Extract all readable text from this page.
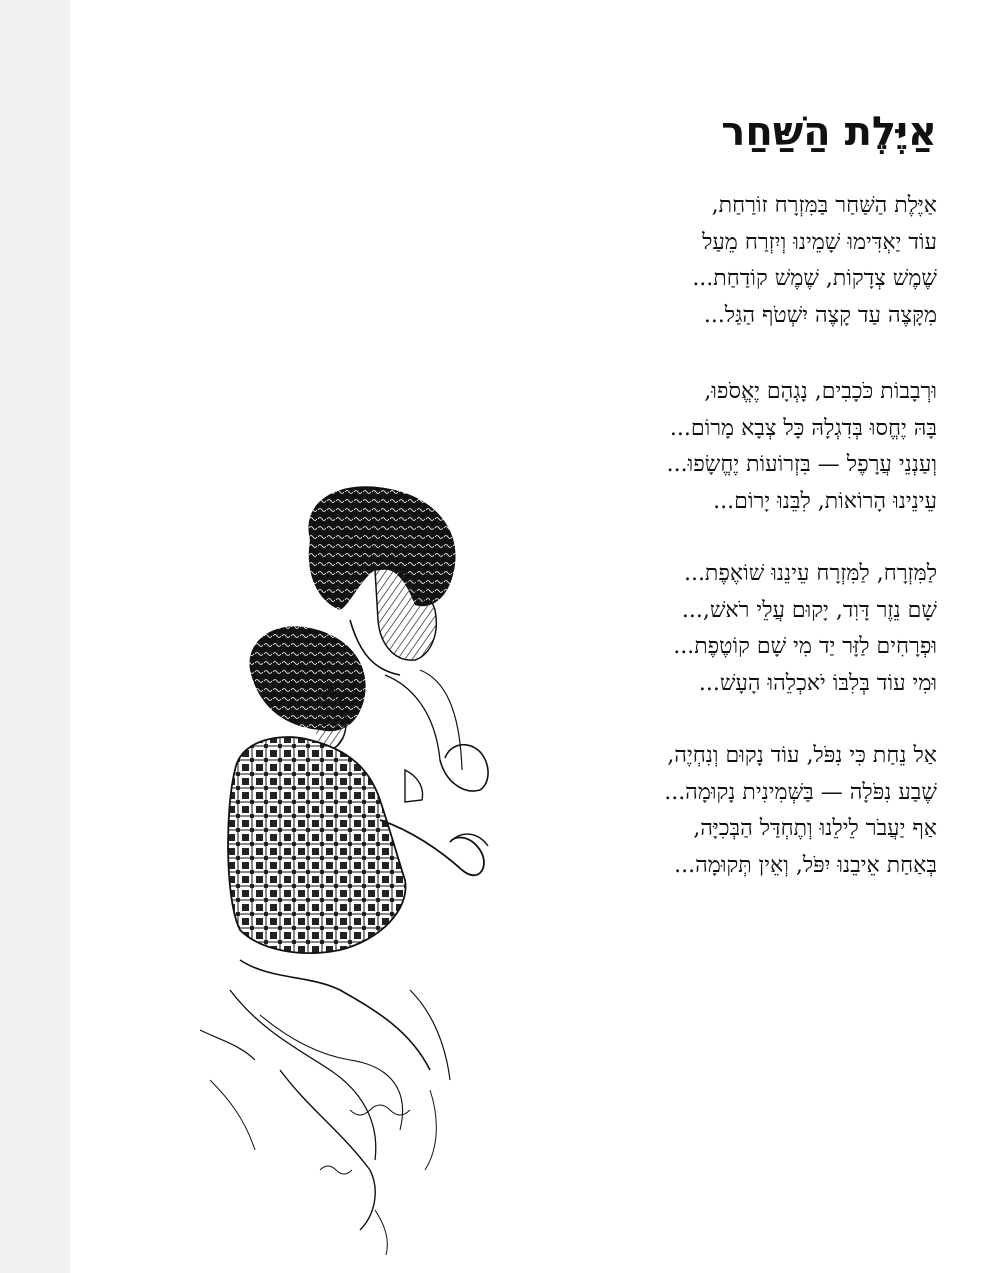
אַיֶּלֶת הַשַּׁחַר
אַיֶּלֶת הַשַּׁחַר בַּמִּזְרָח זוֹרַחַת,
עוֹד יַאְדִּימוּ שָׁמֵינוּ וְיִזְרַח מֵעַל
שֶׁמֶשׁ צְדָקוֹת, שֶׁמֶשׁ קוֹדַחַת...
מִקָּצֶה עַד קָצֶה יִשְׁטֹף הַגַּל...
וּרְבָבוֹת כֹּכָבִים, נָגְהָם יֶאֱסֹפוּ,
בָּהּ יֶחֱסוּ בְּדִגְלָהּ כָּל צְבָא מָרוֹם...
וְעַנְנֵי עֲרָפֶל — בִּזְרוֹעוֹת יֶחֱשָׂפוּ...
עֵינֵינוּ הָרוֹאוֹת, לִבֵּנוּ יָרוֹם...
לַמִּזְרָח, לַמִּזְרָח עֵינֵנוּ שׁוֹאֶפֶת...
שָׁם נֵזֶר דָּוִד, יָקוּם עֲלֵי רֹאשׁ,...
וּפְרָחִים לַזָּר יַד מִי שָׁם קוֹטֶפֶת...
וּמִי עוֹד בְּלִבּוֹ יֹאכְלֵהוּ הָעָשׁ...
אַל נֵחַת כִּי נִפֹּל, עוֹד נָקוּם וְנִחְיֶה,
שֶׁבַע נִפֹּלָה — בַּשְּׁמִינִית נָקוּמָה...
אַף יַעֲבֹר לֵילֵנוּ וְתֶחְדַּל הַבְּכִיָּה,
בְּאַחַת אֵיבֵנוּ יִפֹּל, וְאֵין תְּקוּמָה...
